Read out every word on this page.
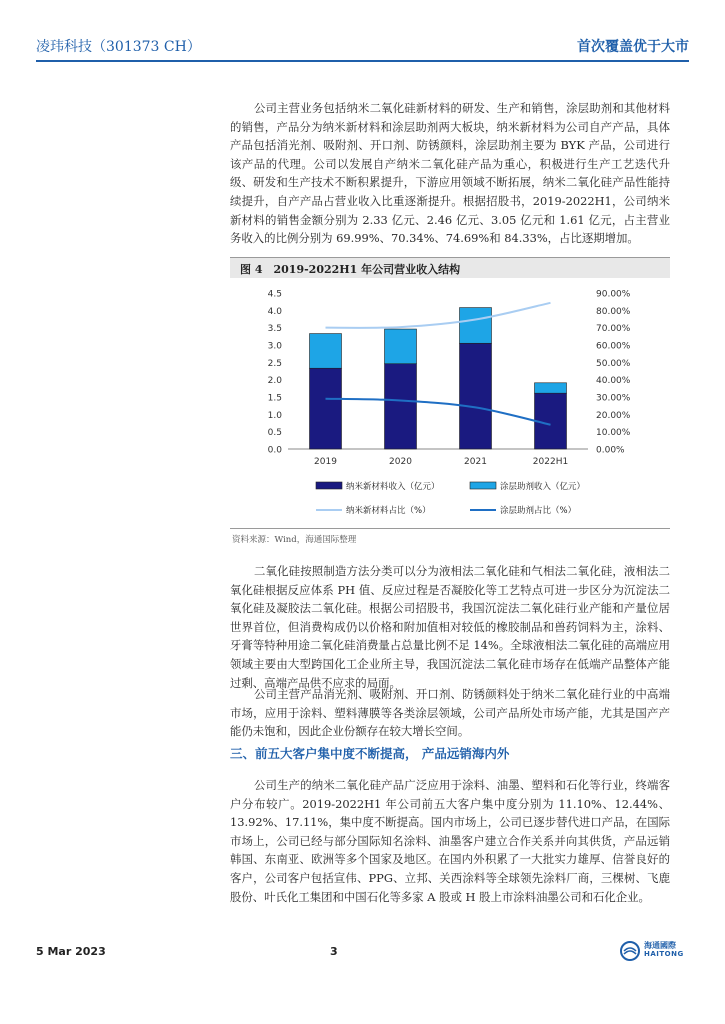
凌玮科技（301373 CH）	首次覆盖优于大市

公司主营业务包括纳米二氧化硅新材料的研发、生产和销售，涂层助剂和其他材料的销售，产品分为纳米新材料和涂层助剂两大板块，纳米新材料为公司自产产品，具体产品包括消光剂、吸附剂、开口剂、防锈颜料，涂层助剂主要为 BYK 产品，公司进行该产品的代理。公司以发展自产纳米二氧化硅产品为重心，积极进行生产工艺迭代升级、研发和生产技术不断积累提升，下游应用领域不断拓展，纳米二氧化硅产品性能持续提升，自产产品占营业收入比重逐渐提升。根据招股书，2019-2022H1，公司纳米新材料的销售金额分别为 2.33 亿元、2.46 亿元、3.05 亿元和 1.61 亿元，占主营业务收入的比例分别为 69.99%、70.34%、74.69%和 84.33%，占比逐期增加。

图 4　2019-2022H1 年公司营业收入结构
0.0
0.5
1.0
1.5
2.0
2.5
3.0
3.5
4.0
4.5
0.00%
10.00%
20.00%
30.00%
40.00%
50.00%
60.00%
70.00%
80.00%
90.00%
2019	2020	2021	2022H1
纳米新材料收入（亿元）	涂层助剂收入（亿元）
纳米新材料占比（%）	涂层助剂占比（%）
资料来源：Wind，海通国际整理

二氧化硅按照制造方法分类可以分为液相法二氧化硅和气相法二氧化硅，液相法二氧化硅根据反应体系 PH 值、反应过程是否凝胶化等工艺特点可进一步区分为沉淀法二氧化硅及凝胶法二氧化硅。根据公司招股书，我国沉淀法二氧化硅行业产能和产量位居世界首位，但消费构成仍以价格和附加值相对较低的橡胶制品和兽药饲料为主，涂料、牙膏等特种用途二氧化硅消费量占总量比例不足 14%。全球液相法二氧化硅的高端应用领域主要由大型跨国化工企业所主导，我国沉淀法二氧化硅市场存在低端产品整体产能过剩、高端产品供不应求的局面。

公司主营产品消光剂、吸附剂、开口剂、防锈颜料处于纳米二氧化硅行业的中高端市场，应用于涂料、塑料薄膜等各类涂层领域，公司产品所处市场产能，尤其是国产产能仍未饱和，因此企业份额存在较大增长空间。

三、前五大客户集中度不断提高， 产品远销海内外

公司生产的纳米二氧化硅产品广泛应用于涂料、油墨、塑料和石化等行业，终端客户分布较广。2019-2022H1 年公司前五大客户集中度分别为 11.10%、12.44%、13.92%、17.11%，集中度不断提高。国内市场上，公司已逐步替代进口产品，在国际市场上，公司已经与部分国际知名涂料、油墨客户建立合作关系并向其供货，产品远销韩国、东南亚、欧洲等多个国家及地区。在国内外积累了一大批实力雄厚、信誉良好的客户，公司客户包括宣伟、PPG、立邦、关西涂料等全球领先涂料厂商，三棵树、飞鹿股份、叶氏化工集团和中国石化等多家 A 股或 H 股上市涂料油墨公司和石化企业。

5 Mar 2023	3	海通國際
HAITONG
